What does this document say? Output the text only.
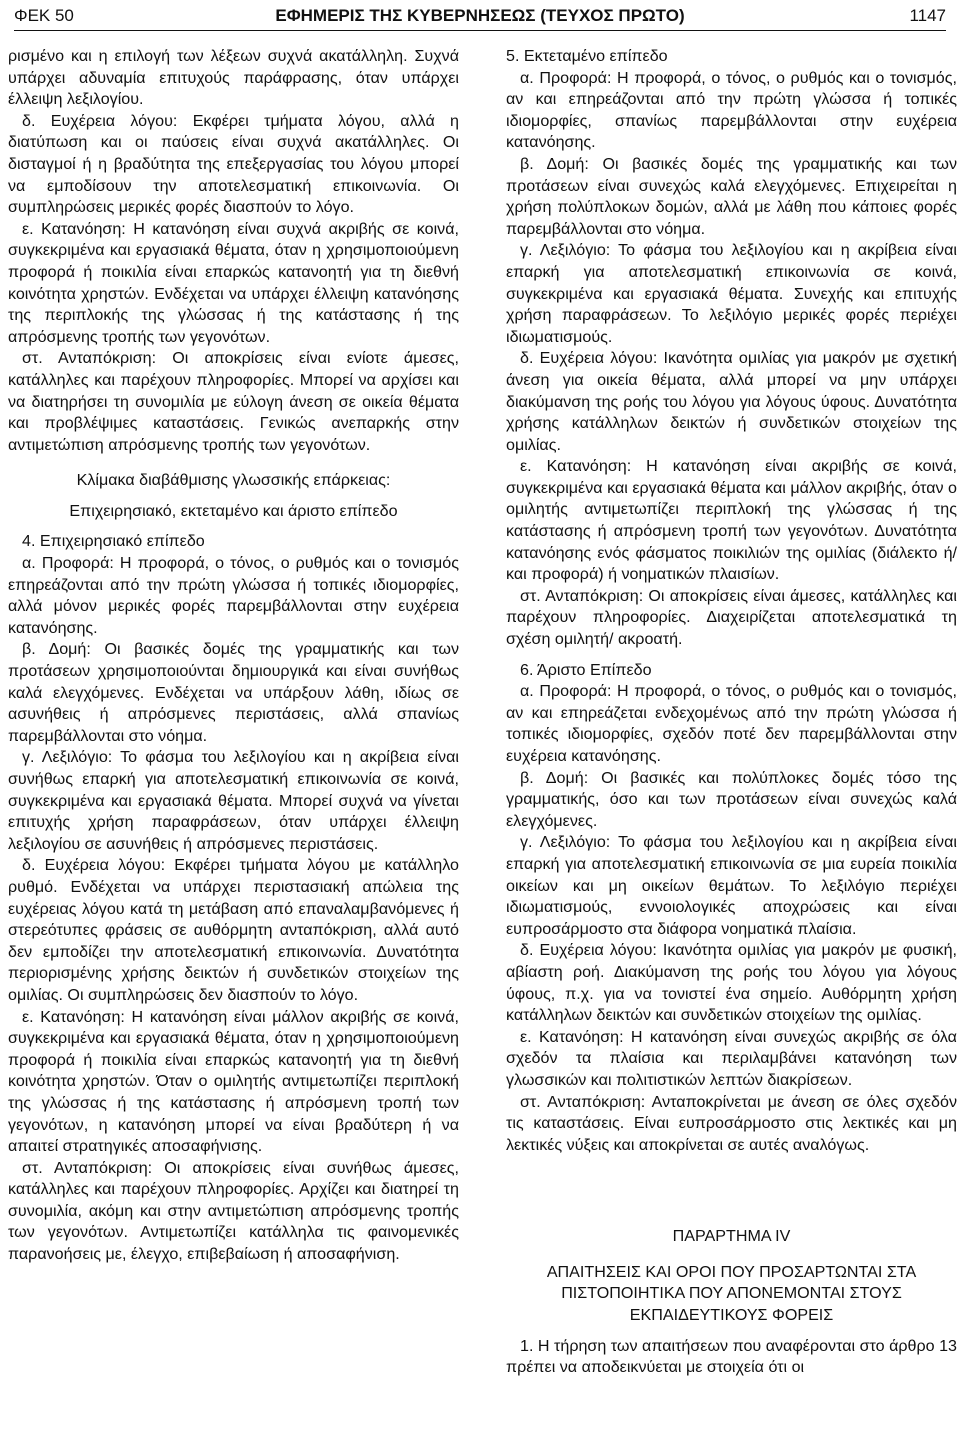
ΦΕΚ 50	ΕΦΗΜΕΡΙΣ ΤΗΣ ΚΥΒΕΡΝΗΣΕΩΣ (ΤΕΥΧΟΣ ΠΡΩΤΟ)	1147

ρισμένο και η επιλογή των λέξεων συχνά ακατάλληλη. Συχνά υπάρχει αδυναμία επιτυχούς παράφρασης, όταν υπάρχει έλλειψη λεξιλογίου.

δ. Ευχέρεια λόγου: Εκφέρει τμήματα λόγου, αλλά η διατύπωση και οι παύσεις είναι συχνά ακατάλληλες. Οι δισταγμοί ή η βραδύτητα της επεξεργασίας του λόγου μπορεί να εμποδίσουν την αποτελεσματική επικοινωνία. Οι συμπληρώσεις μερικές φορές διασπούν το λόγο.

ε. Κατανόηση: Η κατανόηση είναι συχνά ακριβής σε κοινά, συγκεκριμένα και εργασιακά θέματα, όταν η χρησιμοποιούμενη προφορά ή ποικιλία είναι επαρκώς κατανοητή για τη διεθνή κοινότητα χρηστών. Ενδέχεται να υπάρχει έλλειψη κατανόησης της περιπλοκής της γλώσσας ή της κατάστασης ή της απρόσμενης τροπής των γεγονότων.

στ. Ανταπόκριση: Οι αποκρίσεις είναι ενίοτε άμεσες, κατάλληλες και παρέχουν πληροφορίες. Μπορεί να αρχίσει και να διατηρήσει τη συνομιλία με εύλογη άνεση σε οικεία θέματα και προβλέψιμες καταστάσεις. Γενικώς ανεπαρκής στην αντιμετώπιση απρόσμενης τροπής των γεγονότων.

Κλίμακα διαβάθμισης γλωσσικής επάρκειας:

Επιχειρησιακό, εκτεταμένο και άριστο επίπεδο

4. Επιχειρησιακό επίπεδο

α. Προφορά: Η προφορά, ο τόνος, ο ρυθμός και ο τονισμός επηρεάζονται από την πρώτη γλώσσα ή τοπικές ιδιομορφίες, αλλά μόνον μερικές φορές παρεμβάλλονται στην ευχέρεια κατανόησης.

β. Δομή: Οι βασικές δομές της γραμματικής και των προτάσεων χρησιμοποιούνται δημιουργικά και είναι συνήθως καλά ελεγχόμενες. Ενδέχεται να υπάρξουν λάθη, ιδίως σε ασυνήθεις ή απρόσμενες περιστάσεις, αλλά σπανίως παρεμβάλλονται στο νόημα.

γ. Λεξιλόγιο: Το φάσμα του λεξιλογίου και η ακρίβεια είναι συνήθως επαρκή για αποτελεσματική επικοινωνία σε κοινά, συγκεκριμένα και εργασιακά θέματα. Μπορεί συχνά να γίνεται επιτυχής χρήση παραφράσεων, όταν υπάρχει έλλειψη λεξιλογίου σε ασυνήθεις ή απρόσμενες περιστάσεις.

δ. Ευχέρεια λόγου: Εκφέρει τμήματα λόγου με κατάλληλο ρυθμό. Ενδέχεται να υπάρχει περιστασιακή απώλεια της ευχέρειας λόγου κατά τη μετάβαση από επαναλαμβανόμενες ή στερεότυπες φράσεις σε αυθόρμητη ανταπόκριση, αλλά αυτό δεν εμποδίζει την αποτελεσματική επικοινωνία. Δυνατότητα περιορισμένης χρήσης δεικτών ή συνδετικών στοιχείων της ομιλίας. Οι συμπληρώσεις δεν διασπούν το λόγο.

ε. Κατανόηση: Η κατανόηση είναι μάλλον ακριβής σε κοινά, συγκεκριμένα και εργασιακά θέματα, όταν η χρησιμοποιούμενη προφορά ή ποικιλία είναι επαρκώς κατανοητή για τη διεθνή κοινότητα χρηστών. Όταν ο ομιλητής αντιμετωπίζει περιπλοκή της γλώσσας ή της κατάστασης ή απρόσμενη τροπή των γεγονότων, η κατανόηση μπορεί να είναι βραδύτερη ή να απαιτεί στρατηγικές αποσαφήνισης.

στ. Ανταπόκριση: Οι αποκρίσεις είναι συνήθως άμεσες, κατάλληλες και παρέχουν πληροφορίες. Αρχίζει και διατηρεί τη συνομιλία, ακόμη και στην αντιμετώπιση απρόσμενης τροπής των γεγονότων. Αντιμετωπίζει κατάλληλα τις φαινομενικές παρανοήσεις με, έλεγχο, επιβεβαίωση ή αποσαφήνιση.

5. Εκτεταμένο επίπεδο

α. Προφορά: Η προφορά, ο τόνος, ο ρυθμός και ο τονισμός, αν και επηρεάζονται από την πρώτη γλώσσα ή τοπικές ιδιομορφίες, σπανίως παρεμβάλλονται στην ευχέρεια κατανόησης.

β. Δομή: Οι βασικές δομές της γραμματικής και των προτάσεων είναι συνεχώς καλά ελεγχόμενες. Επιχειρείται η χρήση πολύπλοκων δομών, αλλά με λάθη που κάποιες φορές παρεμβάλλονται στο νόημα.

γ. Λεξιλόγιο: Το φάσμα του λεξιλογίου και η ακρίβεια είναι επαρκή για αποτελεσματική επικοινωνία σε κοινά, συγκεκριμένα και εργασιακά θέματα. Συνεχής και επιτυχής χρήση παραφράσεων. Το λεξιλόγιο μερικές φορές περιέχει ιδιωματισμούς.

δ. Ευχέρεια λόγου: Ικανότητα ομιλίας για μακρόν με σχετική άνεση για οικεία θέματα, αλλά μπορεί να μην υπάρχει διακύμανση της ροής του λόγου για λόγους ύφους. Δυνατότητα χρήσης κατάλληλων δεικτών ή συνδετικών στοιχείων της ομιλίας.

ε. Κατανόηση: Η κατανόηση είναι ακριβής σε κοινά, συγκεκριμένα και εργασιακά θέματα και μάλλον ακριβής, όταν ο ομιλητής αντιμετωπίζει περιπλοκή της γλώσσας ή της κατάστασης ή απρόσμενη τροπή των γεγονότων. Δυνατότητα κατανόησης ενός φάσματος ποικιλιών της ομιλίας (διάλεκτο ή/ και προφορά) ή νοηματικών πλαισίων.

στ. Ανταπόκριση: Οι αποκρίσεις είναι άμεσες, κατάλληλες και παρέχουν πληροφορίες. Διαχειρίζεται αποτελεσματικά τη σχέση ομιλητή/ ακροατή.

6. Άριστο Επίπεδο

α. Προφορά: Η προφορά, ο τόνος, ο ρυθμός και ο τονισμός, αν και επηρεάζεται ενδεχομένως από την πρώτη γλώσσα ή τοπικές ιδιομορφίες, σχεδόν ποτέ δεν παρεμβάλλονται στην ευχέρεια κατανόησης.

β. Δομή: Οι βασικές και πολύπλοκες δομές τόσο της γραμματικής, όσο και των προτάσεων είναι συνεχώς καλά ελεγχόμενες.

γ. Λεξιλόγιο: Το φάσμα του λεξιλογίου και η ακρίβεια είναι επαρκή για αποτελεσματική επικοινωνία σε μια ευρεία ποικιλία οικείων και μη οικείων θεμάτων. Το λεξιλόγιο περιέχει ιδιωματισμούς, εννοιολογικές αποχρώσεις και είναι ευπροσάρμοστο στα διάφορα νοηματικά πλαίσια.

δ. Ευχέρεια λόγου: Ικανότητα ομιλίας για μακρόν με φυσική, αβίαστη ροή. Διακύμανση της ροής του λόγου για λόγους ύφους, π.χ. για να τονιστεί ένα σημείο. Αυθόρμητη χρήση κατάλληλων δεικτών και συνδετικών στοιχείων της ομιλίας.

ε. Κατανόηση: Η κατανόηση είναι συνεχώς ακριβής σε όλα σχεδόν τα πλαίσια και περιλαμβάνει κατανόηση των γλωσσικών και πολιτιστικών λεπτών διακρίσεων.

στ. Ανταπόκριση: Ανταποκρίνεται με άνεση σε όλες σχεδόν τις καταστάσεις. Είναι ευπροσάρμοστο στις λεκτικές και μη λεκτικές νύξεις και αποκρίνεται σε αυτές αναλόγως.

ΠΑΡΑΡΤΗΜΑ IV

ΑΠΑΙΤΗΣΕΙΣ ΚΑΙ ΟΡΟΙ ΠΟΥ ΠΡΟΣΑΡΤΩΝΤΑΙ ΣΤΑ ΠΙΣΤΟΠΟΙΗΤΙΚΑ ΠΟΥ ΑΠΟΝΕΜΟΝΤΑΙ ΣΤΟΥΣ ΕΚΠΑΙΔΕΥΤΙΚΟΥΣ ΦΟΡΕΙΣ

1. Η τήρηση των απαιτήσεων που αναφέρονται στο άρθρο 13 πρέπει να αποδεικνύεται με στοιχεία ότι οι
